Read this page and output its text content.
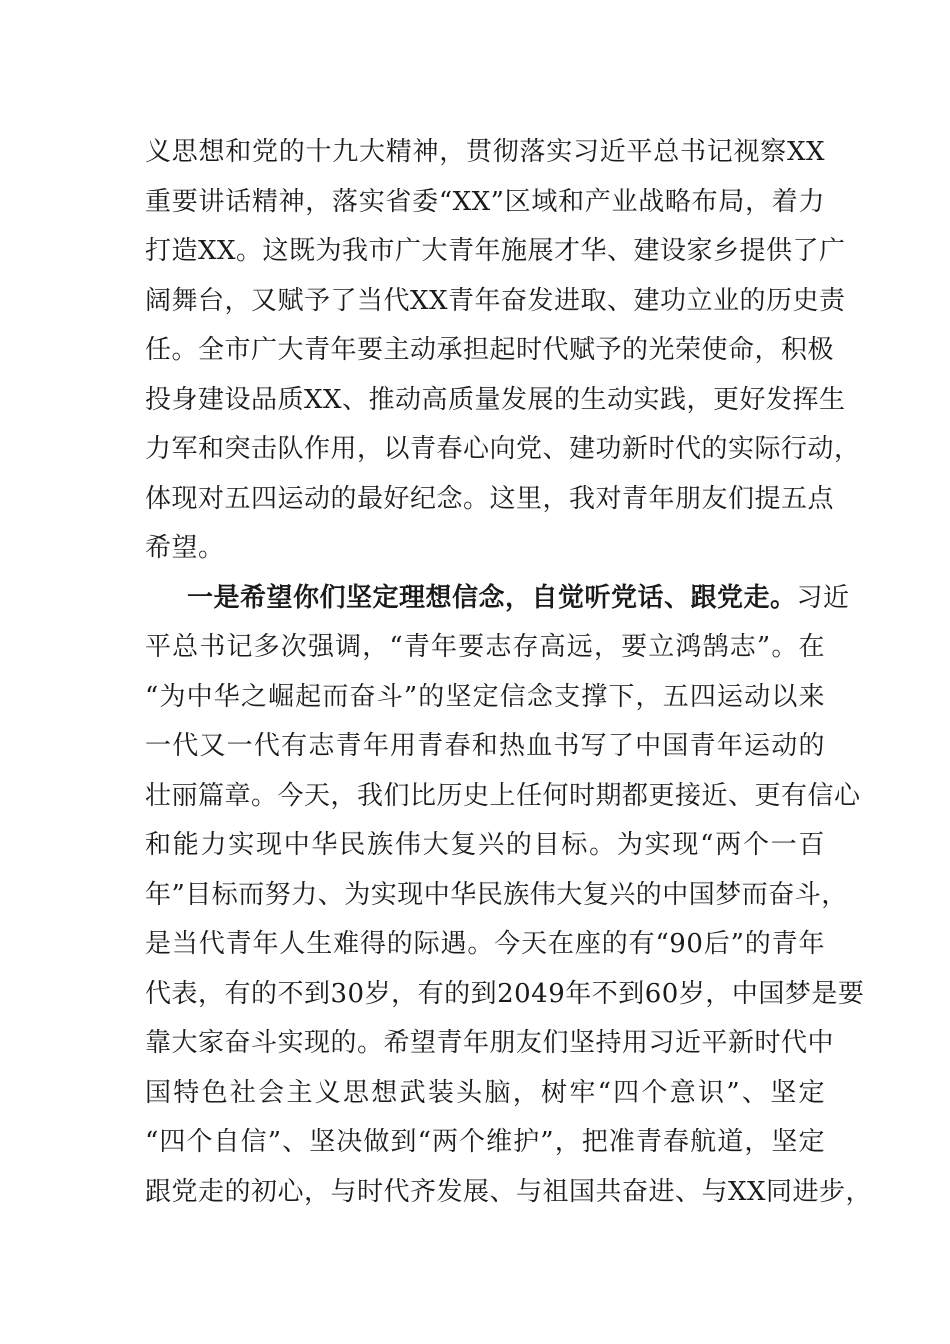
义思想和党的十九大精神，贯彻落实习近平总书记视察XX
重要讲话精神，落实省委“XX”区域和产业战略布局，着力
打造XX。这既为我市广大青年施展才华、建设家乡提供了广
阔舞台，又赋予了当代XX青年奋发进取、建功立业的历史责
任。全市广大青年要主动承担起时代赋予的光荣使命，积极
投身建设品质XX、推动高质量发展的生动实践，更好发挥生
力军和突击队作用，以青春心向党、建功新时代的实际行动，
体现对五四运动的最好纪念。这里，我对青年朋友们提五点
希望。
一是希望你们坚定理想信念，自觉听党话、跟党走。习近
平总书记多次强调，“青年要志存高远，要立鸿鹄志”。在
“为中华之崛起而奋斗”的坚定信念支撑下，五四运动以来
一代又一代有志青年用青春和热血书写了中国青年运动的
壮丽篇章。今天，我们比历史上任何时期都更接近、更有信心
和能力实现中华民族伟大复兴的目标。为实现“两个一百
年”目标而努力、为实现中华民族伟大复兴的中国梦而奋斗，
是当代青年人生难得的际遇。今天在座的有“90后”的青年
代表，有的不到30岁，有的到2049年不到60岁，中国梦是要
靠大家奋斗实现的。希望青年朋友们坚持用习近平新时代中
国特色社会主义思想武装头脑，树牢“四个意识”、坚定
“四个自信”、坚决做到“两个维护”，把准青春航道，坚定
跟党走的初心，与时代齐发展、与祖国共奋进、与XX同进步，
